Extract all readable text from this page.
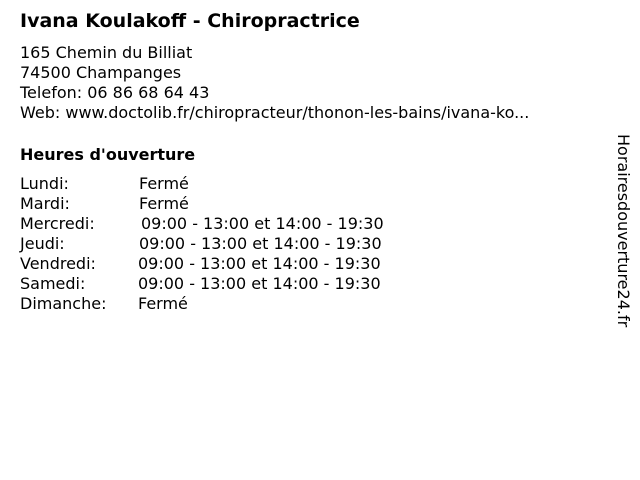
Ivana Koulakoff - Chiropractrice
165 Chemin du Billiat
74500 Champanges
Telefon: 06 86 68 64 43
Web: www.doctolib.fr/chiropracteur/thonon-les-bains/ivana-ko...
Heures d'ouverture
Lundi:	Fermé
Mardi:	Fermé
Mercredi:	09:00 - 13:00 et 14:00 - 19:30
Jeudi:	09:00 - 13:00 et 14:00 - 19:30
Vendredi:	09:00 - 13:00 et 14:00 - 19:30
Samedi:	09:00 - 13:00 et 14:00 - 19:30
Dimanche: Fermé	Horairesdouverture24.fr
